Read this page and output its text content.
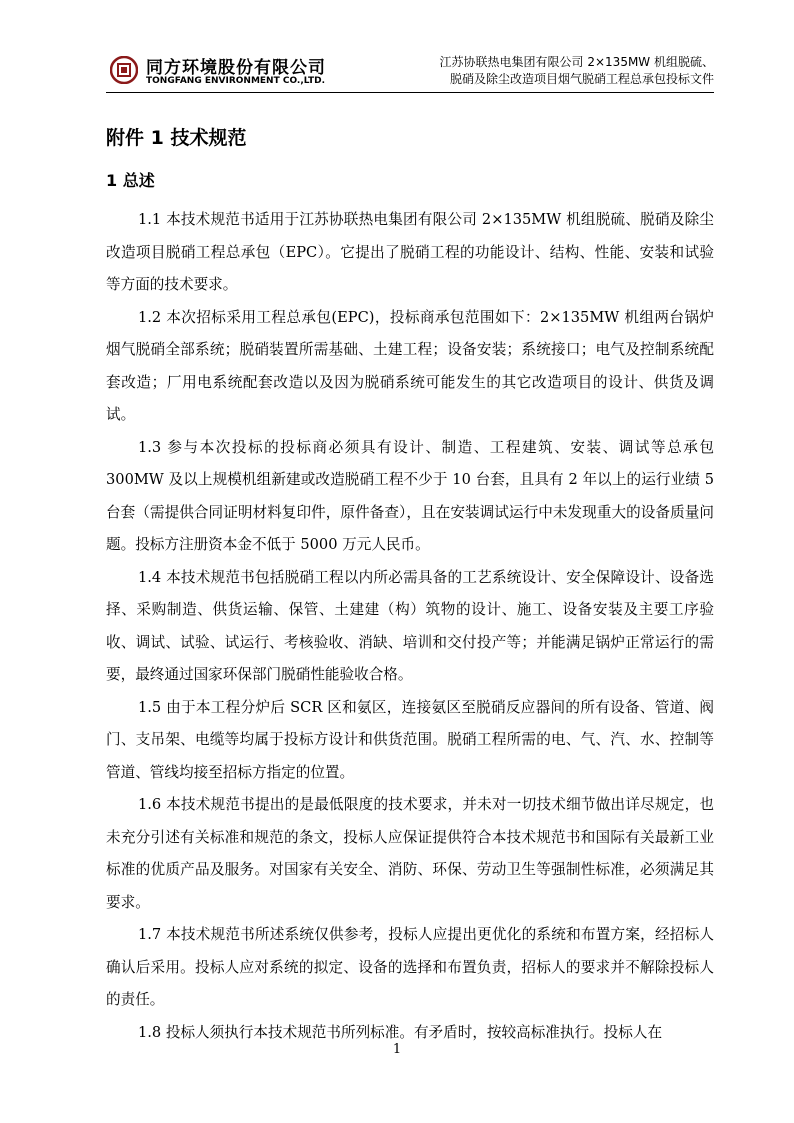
同方环境股份有限公司
TONGFANG ENVIRONMENT CO.,LTD.
江苏协联热电集团有限公司 2×135MW 机组脱硫、
脱硝及除尘改造项目烟气脱硝工程总承包投标文件
附件 1 技术规范
1 总述

1.1 本技术规范书适用于江苏协联热电集团有限公司 2×135MW 机组脱硫、脱硝及除尘改造项目脱硝工程总承包（EPC）。它提出了脱硝工程的功能设计、结构、性能、安装和试验等方面的技术要求。

1.2 本次招标采用工程总承包(EPC)，投标商承包范围如下：2×135MW 机组两台锅炉烟气脱硝全部系统；脱硝装置所需基础、土建工程；设备安装；系统接口；电气及控制系统配套改造；厂用电系统配套改造以及因为脱硝系统可能发生的其它改造项目的设计、供货及调试。

1.3 参与本次投标的投标商必须具有设计、制造、工程建筑、安装、调试等总承包 300MW 及以上规模机组新建或改造脱硝工程不少于 10 台套，且具有 2 年以上的运行业绩 5 台套（需提供合同证明材料复印件，原件备查），且在安装调试运行中未发现重大的设备质量问题。投标方注册资本金不低于 5000 万元人民币。

1.4 本技术规范书包括脱硝工程以内所必需具备的工艺系统设计、安全保障设计、设备选择、采购制造、供货运输、保管、土建建（构）筑物的设计、施工、设备安装及主要工序验收、调试、试验、试运行、考核验收、消缺、培训和交付投产等；并能满足锅炉正常运行的需要，最终通过国家环保部门脱硝性能验收合格。

1.5 由于本工程分炉后 SCR 区和氨区，连接氨区至脱硝反应器间的所有设备、管道、阀门、支吊架、电缆等均属于投标方设计和供货范围。脱硝工程所需的电、气、汽、水、控制等管道、管线均接至招标方指定的位置。

1.6 本技术规范书提出的是最低限度的技术要求，并未对一切技术细节做出详尽规定，也未充分引述有关标准和规范的条文，投标人应保证提供符合本技术规范书和国际有关最新工业标准的优质产品及服务。对国家有关安全、消防、环保、劳动卫生等强制性标准，必须满足其要求。

1.7 本技术规范书所述系统仅供参考，投标人应提出更优化的系统和布置方案，经招标人确认后采用。投标人应对系统的拟定、设备的选择和布置负责，招标人的要求并不解除投标人的责任。

1.8 投标人须执行本技术规范书所列标准。有矛盾时，按较高标准执行。投标人在

1
